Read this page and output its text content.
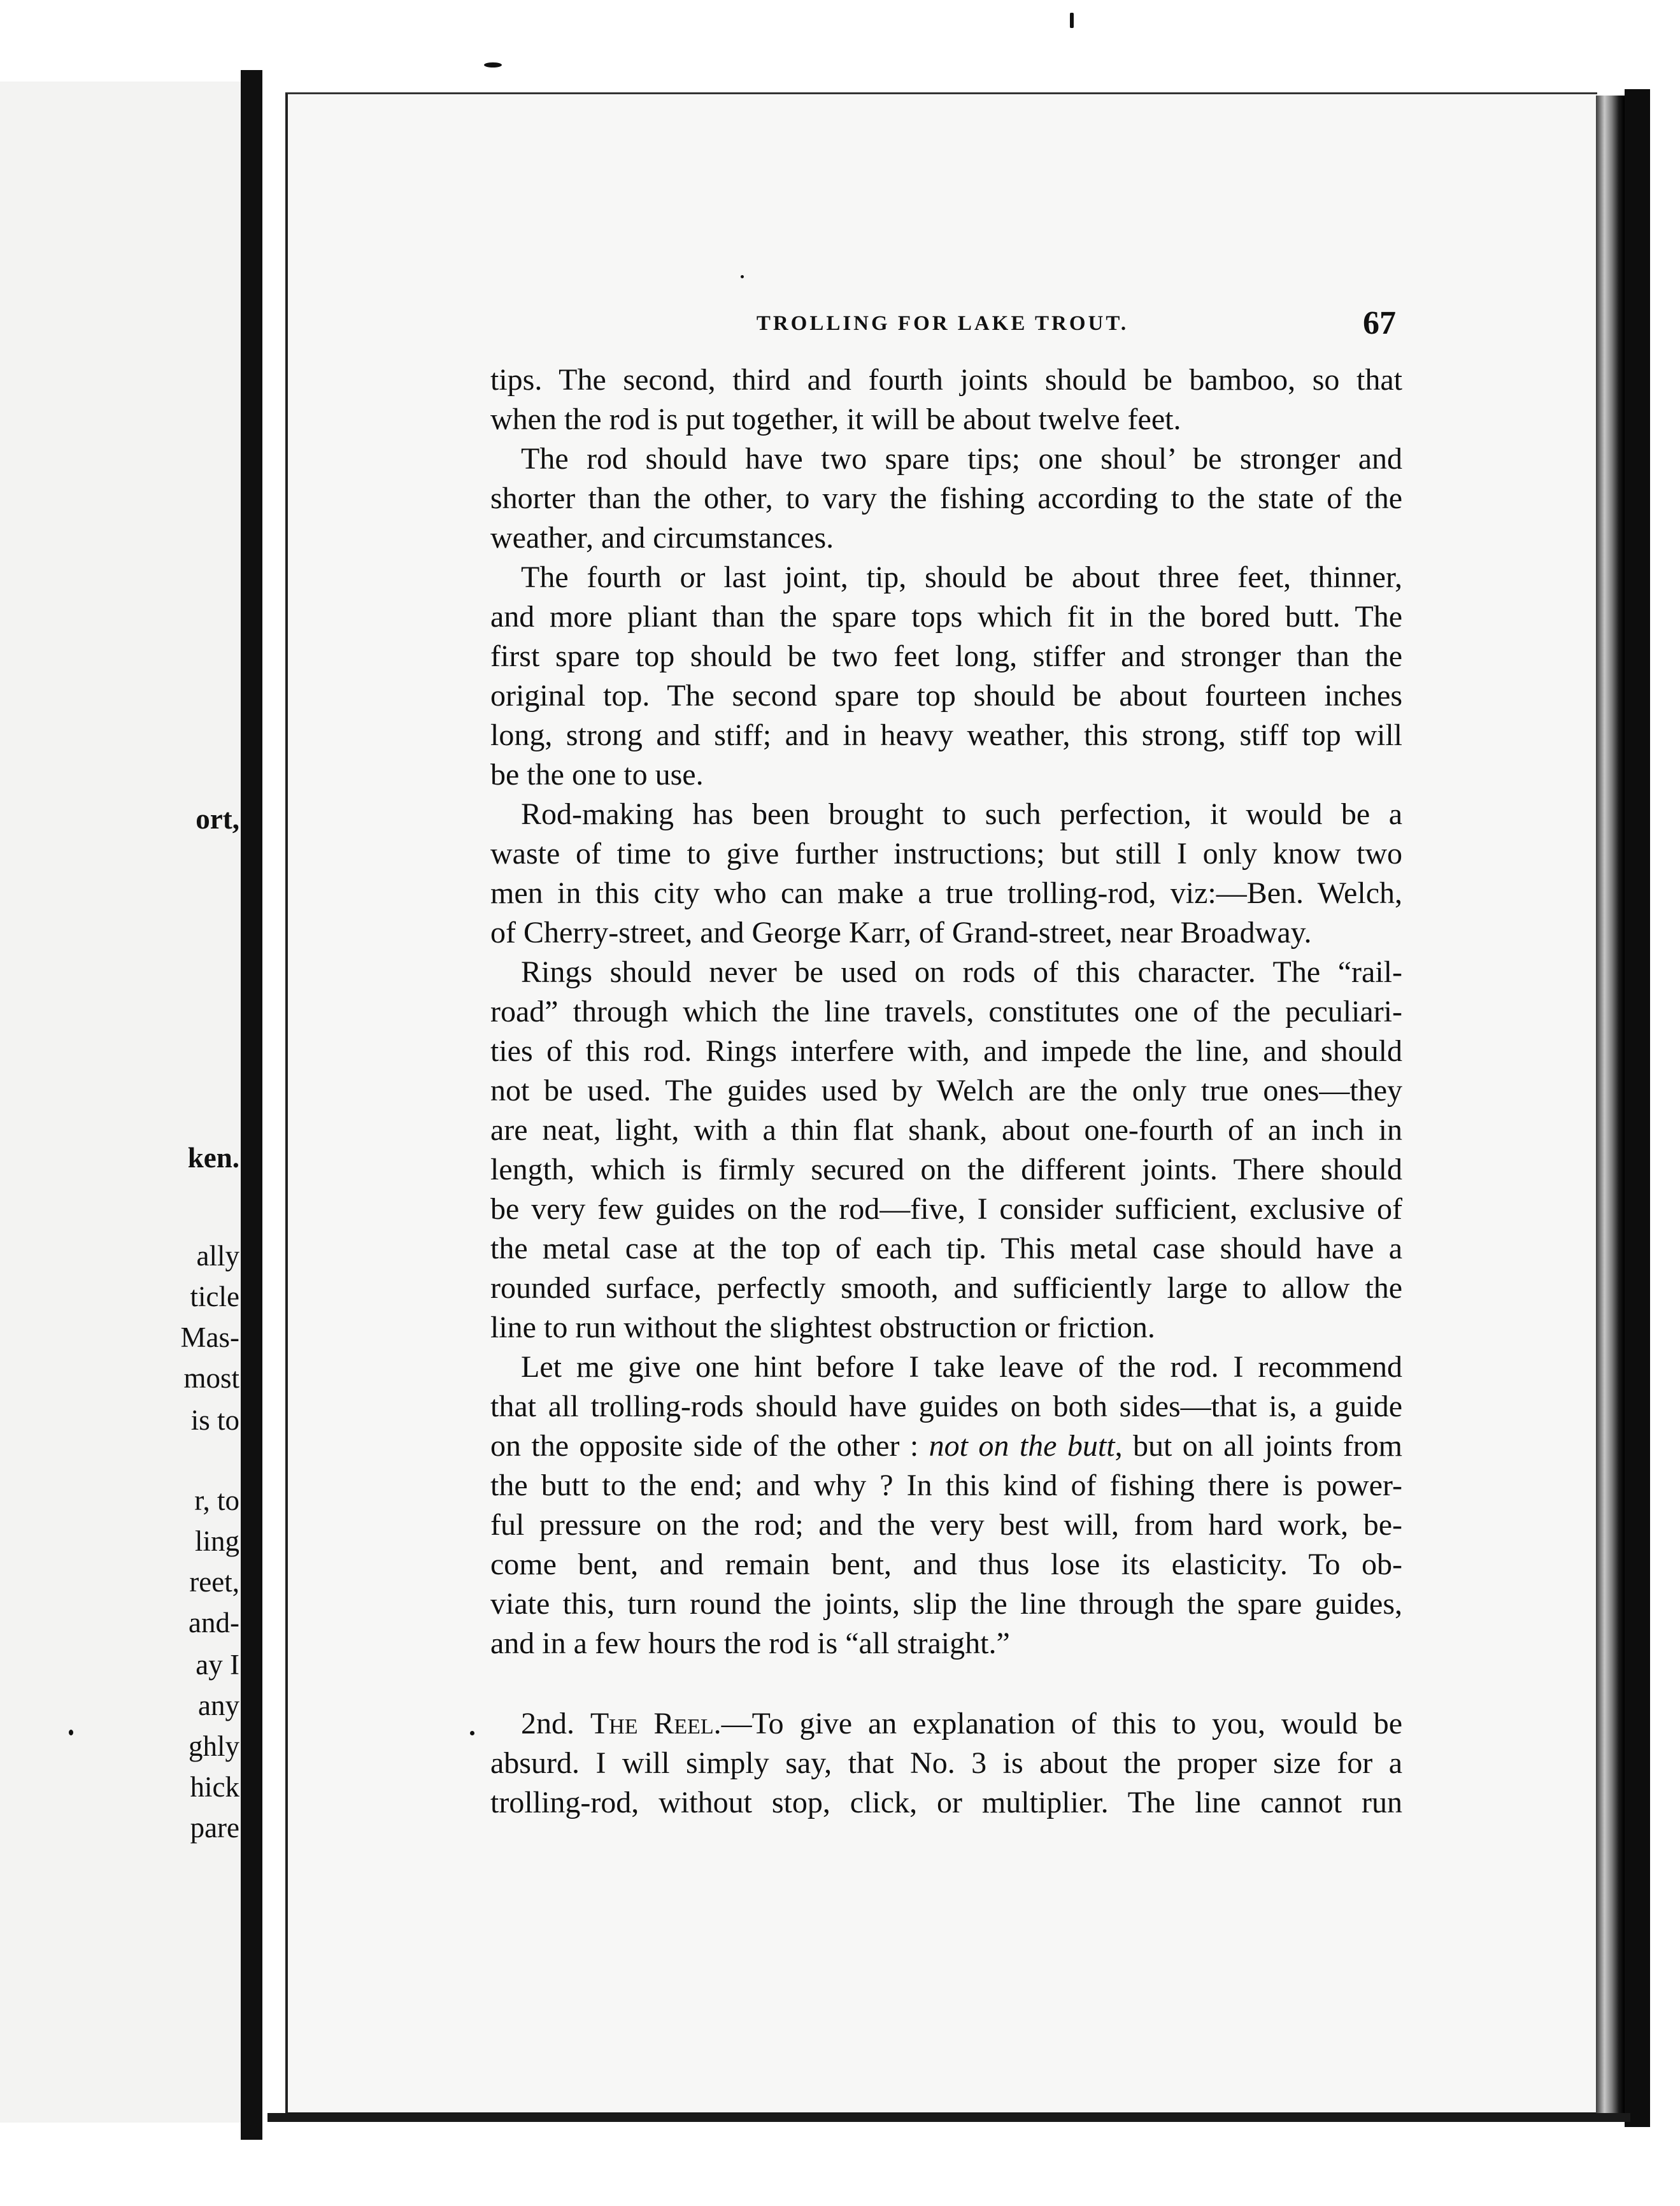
ort,
ken.
ally
ticle
Mas-
most
is to
r, to
ling
reet,
and-
ay I
any
ghly
hick
pare
TROLLING FOR LAKE TROUT.	67
tips. The second, third and fourth joints should be bamboo, so that
when the rod is put together, it will be about twelve feet.
The rod should have two spare tips; one shoul’ be stronger and
shorter than the other, to vary the fishing according to the state of the
weather, and circumstances.
The fourth or last joint, tip, should be about three feet, thinner,
and more pliant than the spare tops which fit in the bored butt. The
first spare top should be two feet long, stiffer and stronger than the
original top. The second spare top should be about fourteen inches
long, strong and stiff; and in heavy weather, this strong, stiff top will
be the one to use.
Rod-making has been brought to such perfection, it would be a
waste of time to give further instructions; but still I only know two
men in this city who can make a true trolling-rod, viz:—Ben. Welch,
of Cherry-street, and George Karr, of Grand-street, near Broadway.
Rings should never be used on rods of this character. The “rail-
road” through which the line travels, constitutes one of the peculiari-
ties of this rod. Rings interfere with, and impede the line, and should
not be used. The guides used by Welch are the only true ones—they
are neat, light, with a thin flat shank, about one-fourth of an inch in
length, which is firmly secured on the different joints. There should
be very few guides on the rod—five, I consider sufficient, exclusive of
the metal case at the top of each tip. This metal case should have a
rounded surface, perfectly smooth, and sufficiently large to allow the
line to run without the slightest obstruction or friction.
Let me give one hint before I take leave of the rod. I recommend
that all trolling-rods should have guides on both sides—that is, a guide
on the opposite side of the other : not on the butt, but on all joints from
the butt to the end; and why ? In this kind of fishing there is power-
ful pressure on the rod; and the very best will, from hard work, be-
come bent, and remain bent, and thus lose its elasticity. To ob-
viate this, turn round the joints, slip the line through the spare guides,
and in a few hours the rod is “all straight.”
2nd. The Reel.—To give an explanation of this to you, would be
absurd. I will simply say, that No. 3 is about the proper size for a
trolling-rod, without stop, click, or multiplier. The line cannot run
